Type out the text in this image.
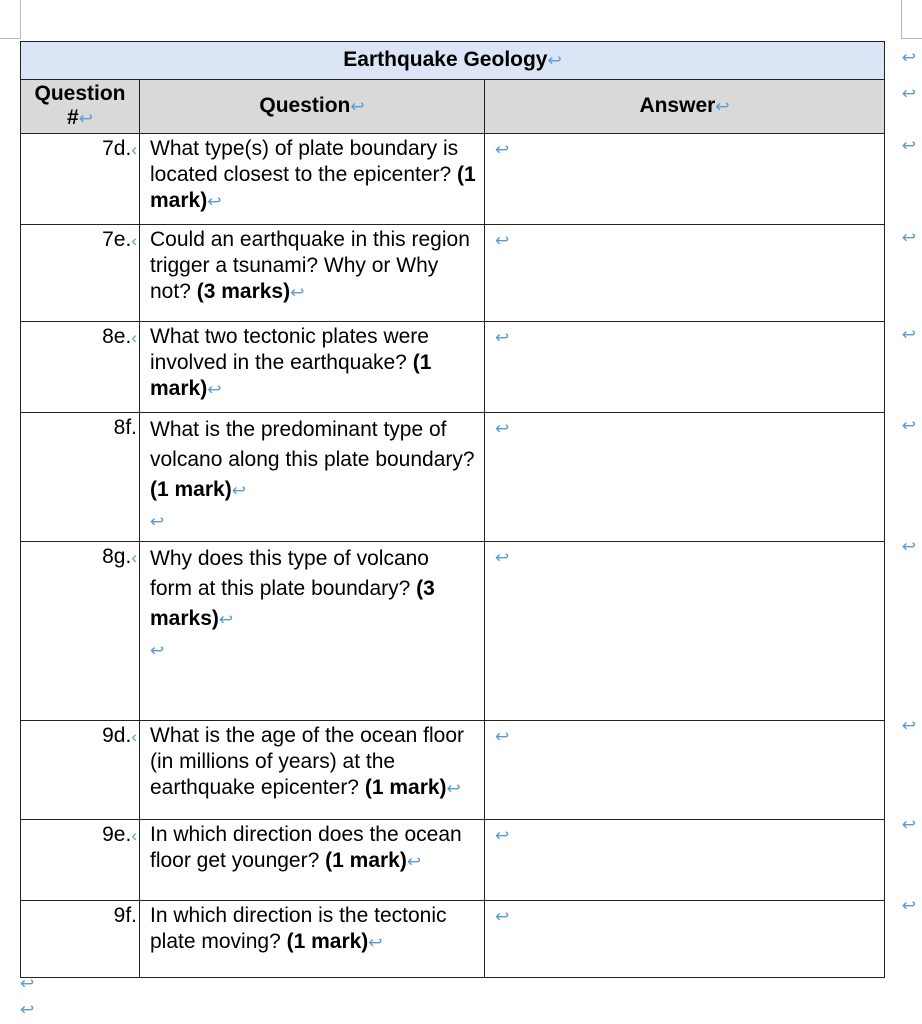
Earthquake Geology↩		
Question #↩	Question↩	Answer↩
7d.‹	What type(s) of plate boundary is located closest to the epicenter? (1 mark)↩	↩
7e.‹	Could an earthquake in this region trigger a tsunami? Why or Why not? (3 marks)↩	↩
8e.‹	What two tectonic plates were involved in the earthquake? (1 mark)↩	↩
8f.	What is the predominant type of volcano along this plate boundary? (1 mark)↩
↩	↩
8g.‹	Why does this type of volcano form at this plate boundary? (3 marks)↩
↩	↩
9d.‹	What is the age of the ocean floor (in millions of years) at the earthquake epicenter? (1 mark)↩	↩
9e.‹	In which direction does the ocean floor get younger? (1 mark)↩	↩
9f.	In which direction is the tectonic plate moving? (1 mark)↩	↩
↩
↩
↩
↩
↩
↩
↩
↩
↩
↩
↩
↩
